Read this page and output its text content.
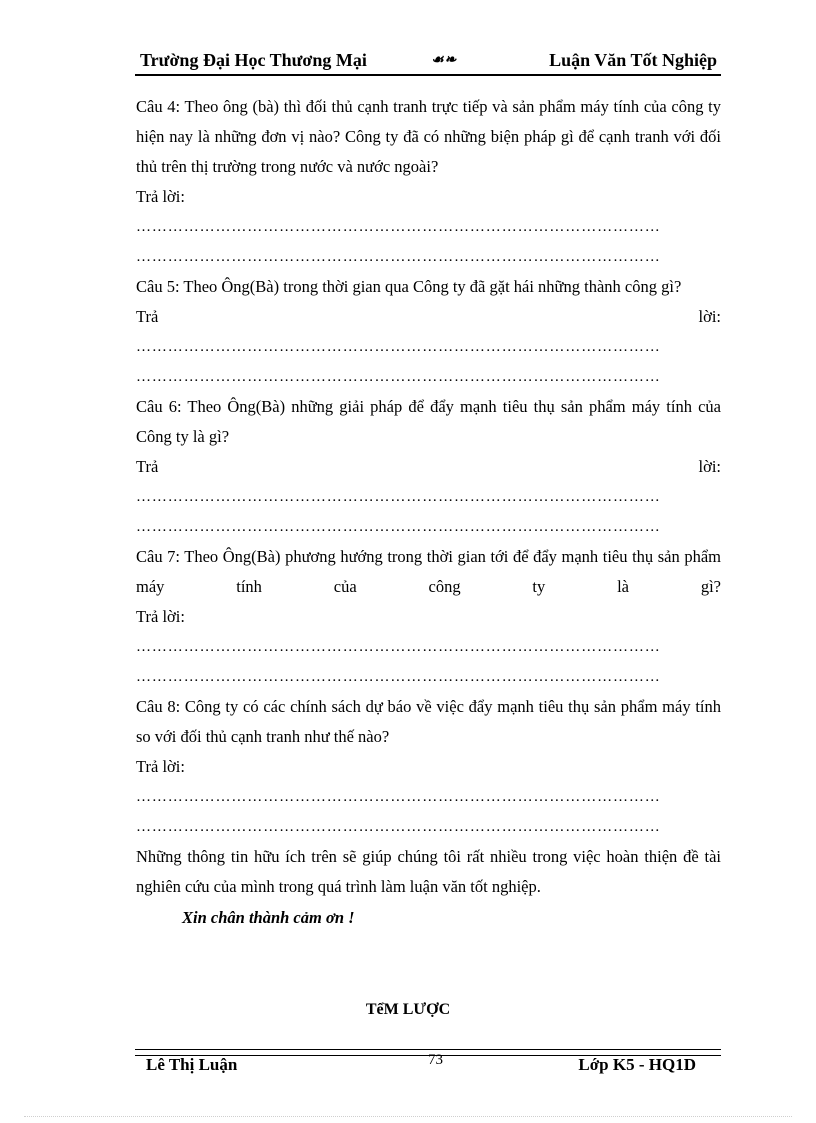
Trường Đại Học Thương Mại	☙❧	Luận Văn Tốt Nghiệp

Câu 4: Theo ông (bà) thì đối thủ cạnh tranh trực tiếp và sản phẩm máy tính của công ty hiện nay là những đơn vị nào? Công ty đã có những biện pháp gì để cạnh tranh với đối thủ trên thị trường trong nước và nước ngoài?

Trả lời:

………………………………………………………………………………………

………………………………………………………………………………………

Câu 5: Theo Ông(Bà) trong thời gian qua Công ty đã gặt hái những thành công gì?

Trả lời:

………………………………………………………………………………………

………………………………………………………………………………………

Câu 6: Theo Ông(Bà) những giải pháp để đẩy mạnh tiêu thụ sản phẩm máy tính của Công ty là gì?

Trả lời:

………………………………………………………………………………………

………………………………………………………………………………………

Câu 7: Theo Ông(Bà) phương hướng trong thời gian tới để đẩy mạnh tiêu thụ sản phẩm máy tính của công ty là gì?

Trả lời:

………………………………………………………………………………………

………………………………………………………………………………………

Câu 8: Công ty có các chính sách dự báo về việc đẩy mạnh tiêu thụ sản phẩm máy tính so với đối thủ cạnh tranh như thế nào?

Trả lời:

………………………………………………………………………………………

………………………………………………………………………………………

Những thông tin hữu ích trên sẽ giúp chúng tôi rất nhiều trong việc hoàn thiện đề tài nghiên cứu của mình trong quá trình làm luận văn tốt nghiệp.

Xin chân thành cảm ơn !

TểM LƯỢC
Lê Thị Luận	73	Lớp K5 - HQ1D
